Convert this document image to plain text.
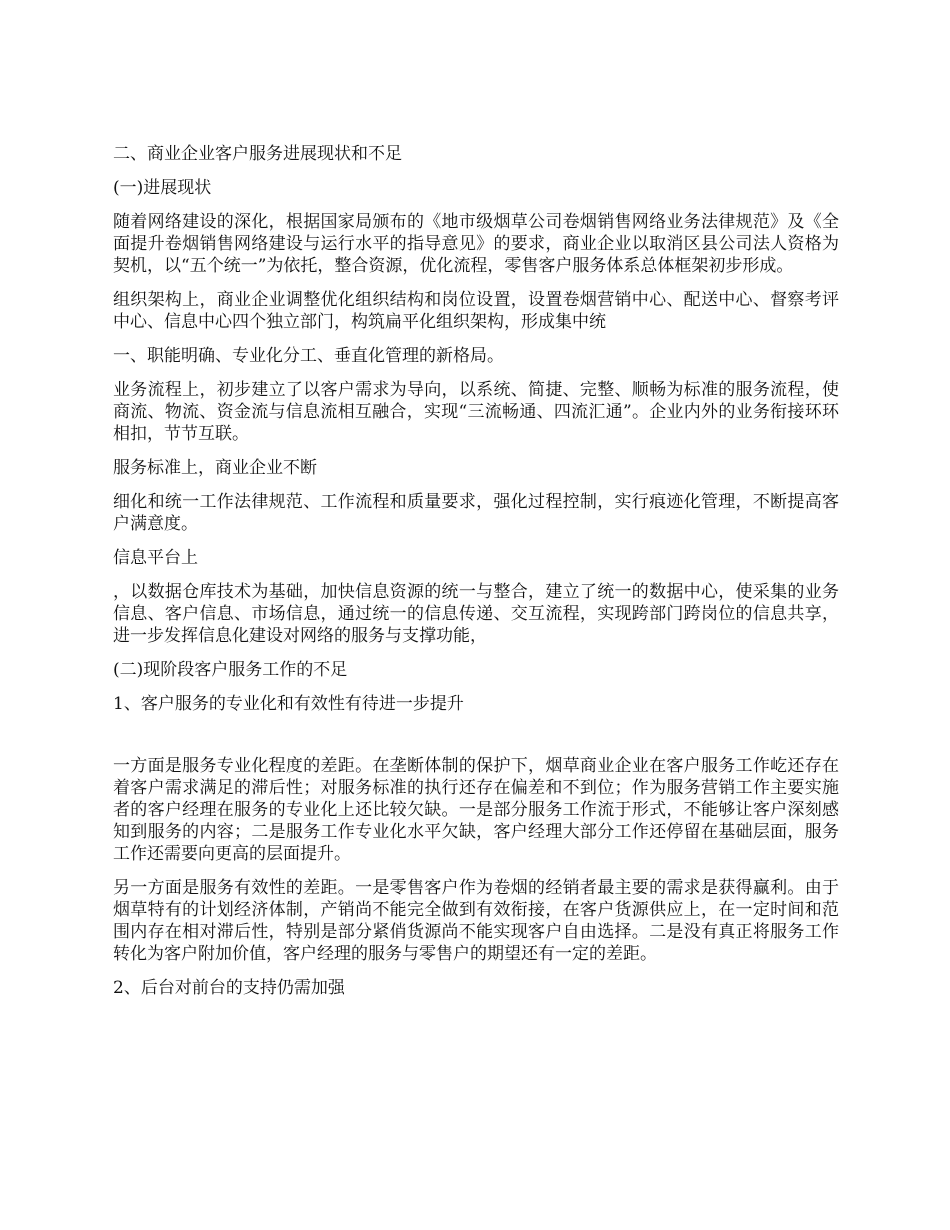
二、商业企业客户服务进展现状和不足

(一)进展现状

随着网络建设的深化，根据国家局颁布的《地市级烟草公司卷烟销售网络业务法律规范》及《全面提升卷烟销售网络建设与运行水平的指导意见》的要求，商业企业以取消区县公司法人资格为契机，以“五个统一”为依托，整合资源，优化流程，零售客户服务体系总体框架初步形成。

组织架构上，商业企业调整优化组织结构和岗位设置，设置卷烟营销中心、配送中心、督察考评中心、信息中心四个独立部门，构筑扁平化组织架构，形成集中统

一、职能明确、专业化分工、垂直化管理的新格局。

业务流程上，初步建立了以客户需求为导向，以系统、简捷、完整、顺畅为标准的服务流程，使商流、物流、资金流与信息流相互融合，实现“三流畅通、四流汇通”。企业内外的业务衔接环环相扣，节节互联。

服务标准上，商业企业不断

细化和统一工作法律规范、工作流程和质量要求，强化过程控制，实行痕迹化管理，不断提高客户满意度。

信息平台上

，以数据仓库技术为基础，加快信息资源的统一与整合，建立了统一的数据中心，使采集的业务信息、客户信息、市场信息，通过统一的信息传递、交互流程，实现跨部门跨岗位的信息共享，进一步发挥信息化建设对网络的服务与支撑功能，

(二)现阶段客户服务工作的不足

1、客户服务的专业化和有效性有待进一步提升

一方面是服务专业化程度的差距。在垄断体制的保护下，烟草商业企业在客户服务工作屹还存在着客户需求满足的滞后性；对服务标准的执行还存在偏差和不到位；作为服务营销工作主要实施者的客户经理在服务的专业化上还比较欠缺。一是部分服务工作流于形式，不能够让客户深刻感知到服务的内容；二是服务工作专业化水平欠缺，客户经理大部分工作还停留在基础层面，服务工作还需要向更高的层面提升。

另一方面是服务有效性的差距。一是零售客户作为卷烟的经销者最主要的需求是获得赢利。由于烟草特有的计划经济体制，产销尚不能完全做到有效衔接，在客户货源供应上，在一定时间和范围内存在相对滞后性，特别是部分紧俏货源尚不能实现客户自由选择。二是没有真正将服务工作转化为客户附加价值，客户经理的服务与零售户的期望还有一定的差距。

2、后台对前台的支持仍需加强
